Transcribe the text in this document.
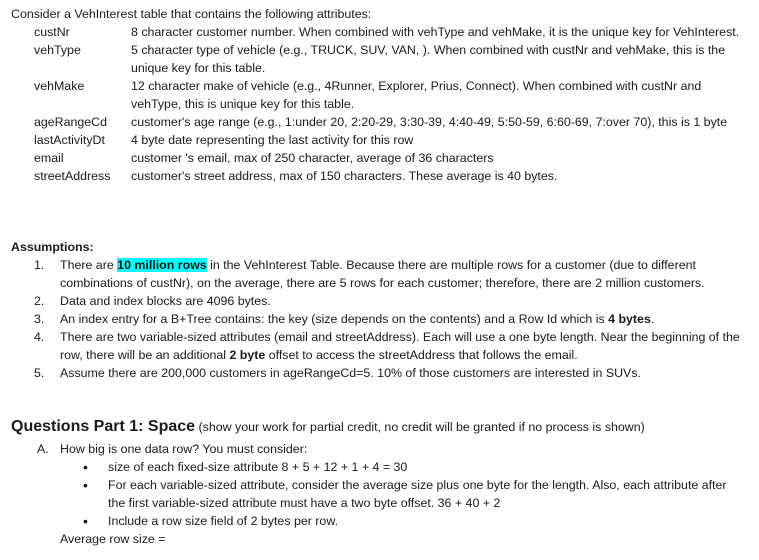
Consider a VehInterest table that contains the following attributes:
custNr	8 character customer number. When combined with vehType and vehMake, it is the unique key for VehInterest.
vehType	5 character type of vehicle (e.g., TRUCK, SUV, VAN, ). When combined with custNr and vehMake, this is the unique key for this table.
vehMake	12 character make of vehicle (e.g., 4Runner, Explorer, Prius, Connect). When combined with custNr and vehType, this is unique key for this table.
ageRangeCd	customer's age range (e.g., 1:under 20, 2:20-29, 3:30-39, 4:40-49, 5:50-59, 6:60-69, 7:over 70), this is 1 byte
lastActivityDt	4 byte date representing the last activity for this row
email	customer 's email, max of 250 character, average of 36 characters
streetAddress	customer's street address, max of 150 characters. These average is 40 bytes.
Assumptions:
1.	There are 10 million rows in the VehInterest Table. Because there are multiple rows for a customer (due to different combinations of custNr), on the average, there are 5 rows for each customer; therefore, there are 2 million customers.
2.	Data and index blocks are 4096 bytes.
3.	An index entry for a B+Tree contains: the key (size depends on the contents) and a Row Id which is 4 bytes.
4.	There are two variable-sized attributes (email and streetAddress). Each will use a one byte length. Near the beginning of the row, there will be an additional 2 byte offset to access the streetAddress that follows the email.
5.	Assume there are 200,000 customers in ageRangeCd=5. 10% of those customers are interested in SUVs.
Questions Part 1: Space (show your work for partial credit, no credit will be granted if no process is shown)
A. How big is one data row? You must consider:
•	size of each fixed-size attribute 8 + 5 + 12 + 1 + 4 = 30
•	For each variable-sized attribute, consider the average size plus one byte for the length. Also, each attribute after the first variable-sized attribute must have a two byte offset. 36 + 40 + 2
•	Include a row size field of 2 bytes per row.
Average row size =
